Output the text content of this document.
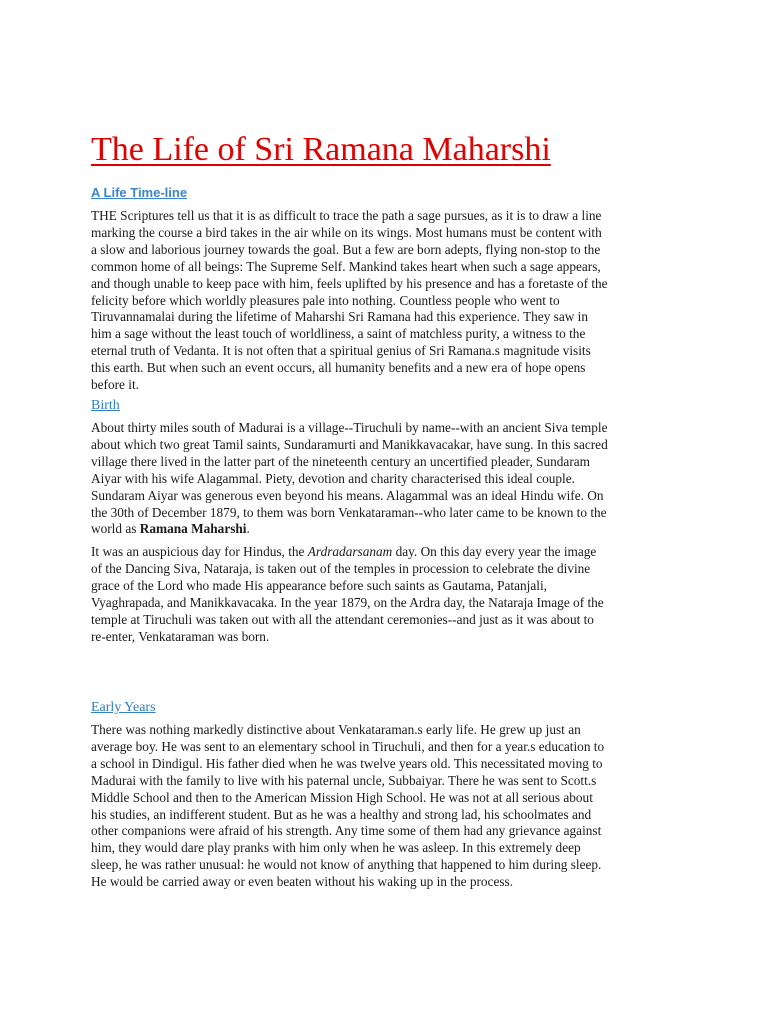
The Life of Sri Ramana Maharshi
A Life Time-line
THE Scriptures tell us that it is as difficult to trace the path a sage pursues, as it is to draw a line
marking the course a bird takes in the air while on its wings. Most humans must be content with
a slow and laborious journey towards the goal. But a few are born adepts, flying non-stop to the
common home of all beings: The Supreme Self. Mankind takes heart when such a sage appears,
and though unable to keep pace with him, feels uplifted by his presence and has a foretaste of the
felicity before which worldly pleasures pale into nothing. Countless people who went to
Tiruvannamalai during the lifetime of Maharshi Sri Ramana had this experience. They saw in
him a sage without the least touch of worldliness, a saint of matchless purity, a witness to the
eternal truth of Vedanta. It is not often that a spiritual genius of Sri Ramana.s magnitude visits
this earth. But when such an event occurs, all humanity benefits and a new era of hope opens
before it.
Birth
About thirty miles south of Madurai is a village--Tiruchuli by name--with an ancient Siva temple
about which two great Tamil saints, Sundaramurti and Manikkavacakar, have sung. In this sacred
village there lived in the latter part of the nineteenth century an uncertified pleader, Sundaram
Aiyar with his wife Alagammal. Piety, devotion and charity characterised this ideal couple.
Sundaram Aiyar was generous even beyond his means. Alagammal was an ideal Hindu wife. On
the 30th of December 1879, to them was born Venkataraman--who later came to be known to the
world as Ramana Maharshi.
It was an auspicious day for Hindus, the Ardradarsanam day. On this day every year the image
of the Dancing Siva, Nataraja, is taken out of the temples in procession to celebrate the divine
grace of the Lord who made His appearance before such saints as Gautama, Patanjali,
Vyaghrapada, and Manikkavacaka. In the year 1879, on the Ardra day, the Nataraja Image of the
temple at Tiruchuli was taken out with all the attendant ceremonies--and just as it was about to
re-enter, Venkataraman was born.
Early Years
There was nothing markedly distinctive about Venkataraman.s early life. He grew up just an
average boy. He was sent to an elementary school in Tiruchuli, and then for a year.s education to
a school in Dindigul. His father died when he was twelve years old. This necessitated moving to
Madurai with the family to live with his paternal uncle, Subbaiyar. There he was sent to Scott.s
Middle School and then to the American Mission High School. He was not at all serious about
his studies, an indifferent student. But as he was a healthy and strong lad, his schoolmates and
other companions were afraid of his strength. Any time some of them had any grievance against
him, they would dare play pranks with him only when he was asleep. In this extremely deep
sleep, he was rather unusual: he would not know of anything that happened to him during sleep.
He would be carried away or even beaten without his waking up in the process.
